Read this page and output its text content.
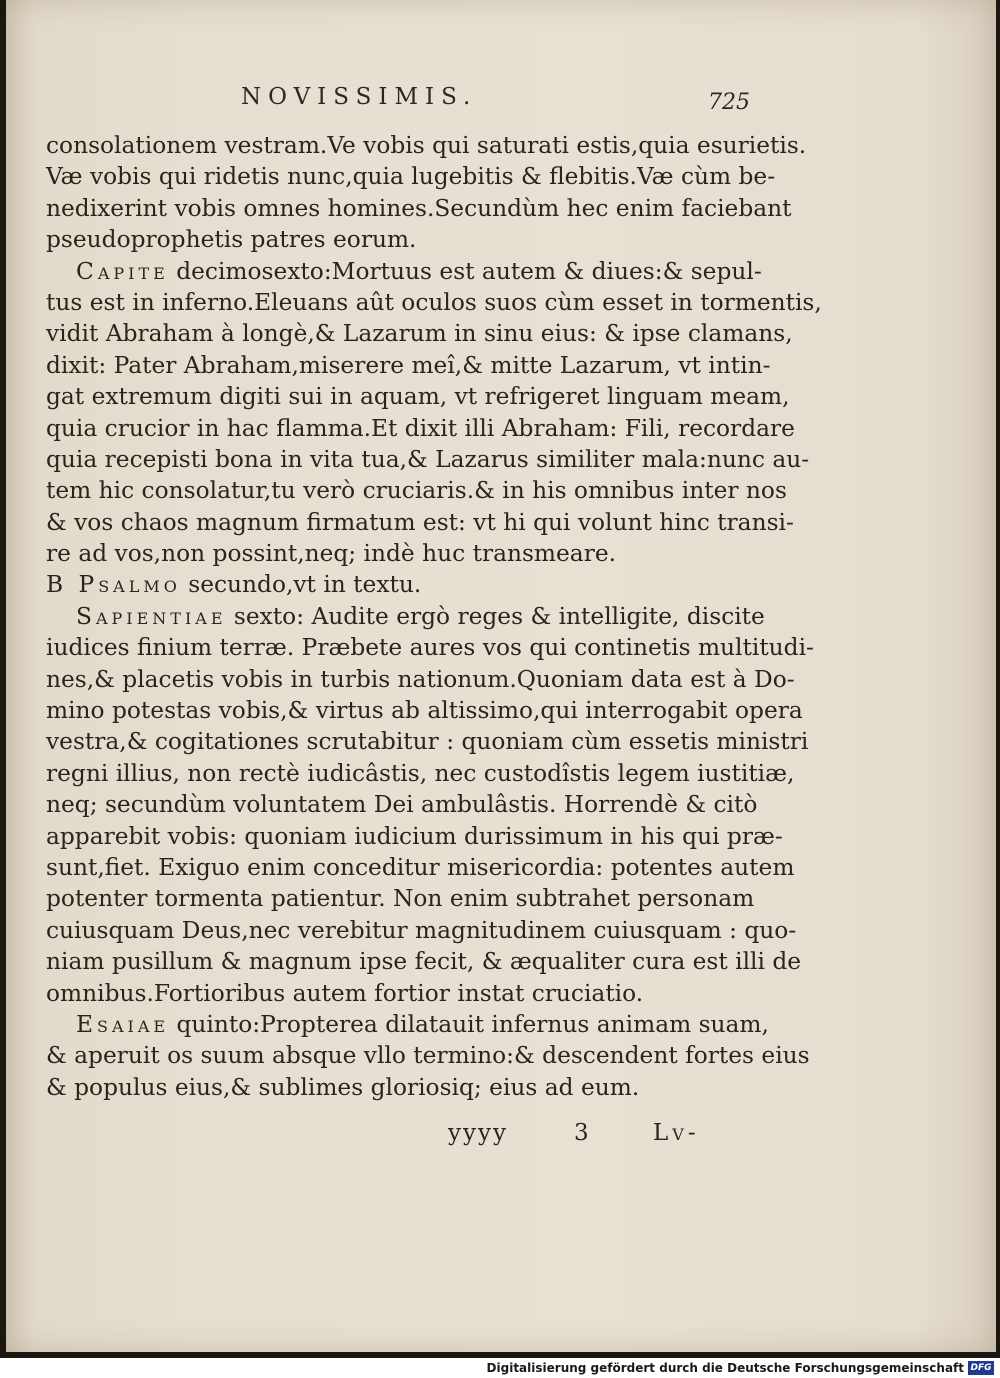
NOVISSIMIS.	725
consolationem vestram.Ve vobis qui saturati estis,quia esurietis.
Væ vobis qui ridetis nunc,quia lugebitis & flebitis.Væ cùm be-
nedixerint vobis omnes homines.Secundùm hec enim faciebant
pseudoprophetis patres eorum.
Capite decimosexto:Mortuus est autem & diues:& sepul-
tus est in inferno.Eleuans aût oculos suos cùm esset in tormentis,
vidit Abraham à longè,& Lazarum in sinu eius: & ipse clamans,
dixit: Pater Abraham,miserere meî,& mitte Lazarum, vt intin-
gat extremum digiti sui in aquam, vt refrigeret linguam meam,
quia crucior in hac flamma.Et dixit illi Abraham: Fili, recordare
quia recepisti bona in vita tua,& Lazarus similiter mala:nunc au-
tem hic consolatur,tu verò cruciaris.& in his omnibus inter nos
& vos chaos magnum firmatum est: vt hi qui volunt hinc transi-
re ad vos,non possint,neq; indè huc transmeare.
B Psalmo secundo,vt in textu.
Sapientiae sexto: Audite ergò reges & intelligite, discite
iudices finium terræ. Præbete aures vos qui continetis multitudi-
nes,& placetis vobis in turbis nationum.Quoniam data est à Do-
mino potestas vobis,& virtus ab altissimo,qui interrogabit opera
vestra,& cogitationes scrutabitur : quoniam cùm essetis ministri
regni illius, non rectè iudicâstis, nec custodîstis legem iustitiæ,
neq; secundùm voluntatem Dei ambulâstis. Horrendè & citò
apparebit vobis: quoniam iudicium durissimum in his qui præ-
sunt,fiet. Exiguo enim conceditur misericordia: potentes autem
potenter tormenta patientur. Non enim subtrahet personam
cuiusquam Deus,nec verebitur magnitudinem cuiusquam : quo-
niam pusillum & magnum ipse fecit, & æqualiter cura est illi de
omnibus.Fortioribus autem fortior instat cruciatio.
Esaiae quinto:Propterea dilatauit infernus animam suam,
& aperuit os suum absque vllo termino:& descendent fortes eius
& populus eius,& sublimes gloriosiq; eius ad eum.
yyyy	3	Lv-
Digitalisierung gefördert durch die Deutsche Forschungsgemeinschaft DFG
